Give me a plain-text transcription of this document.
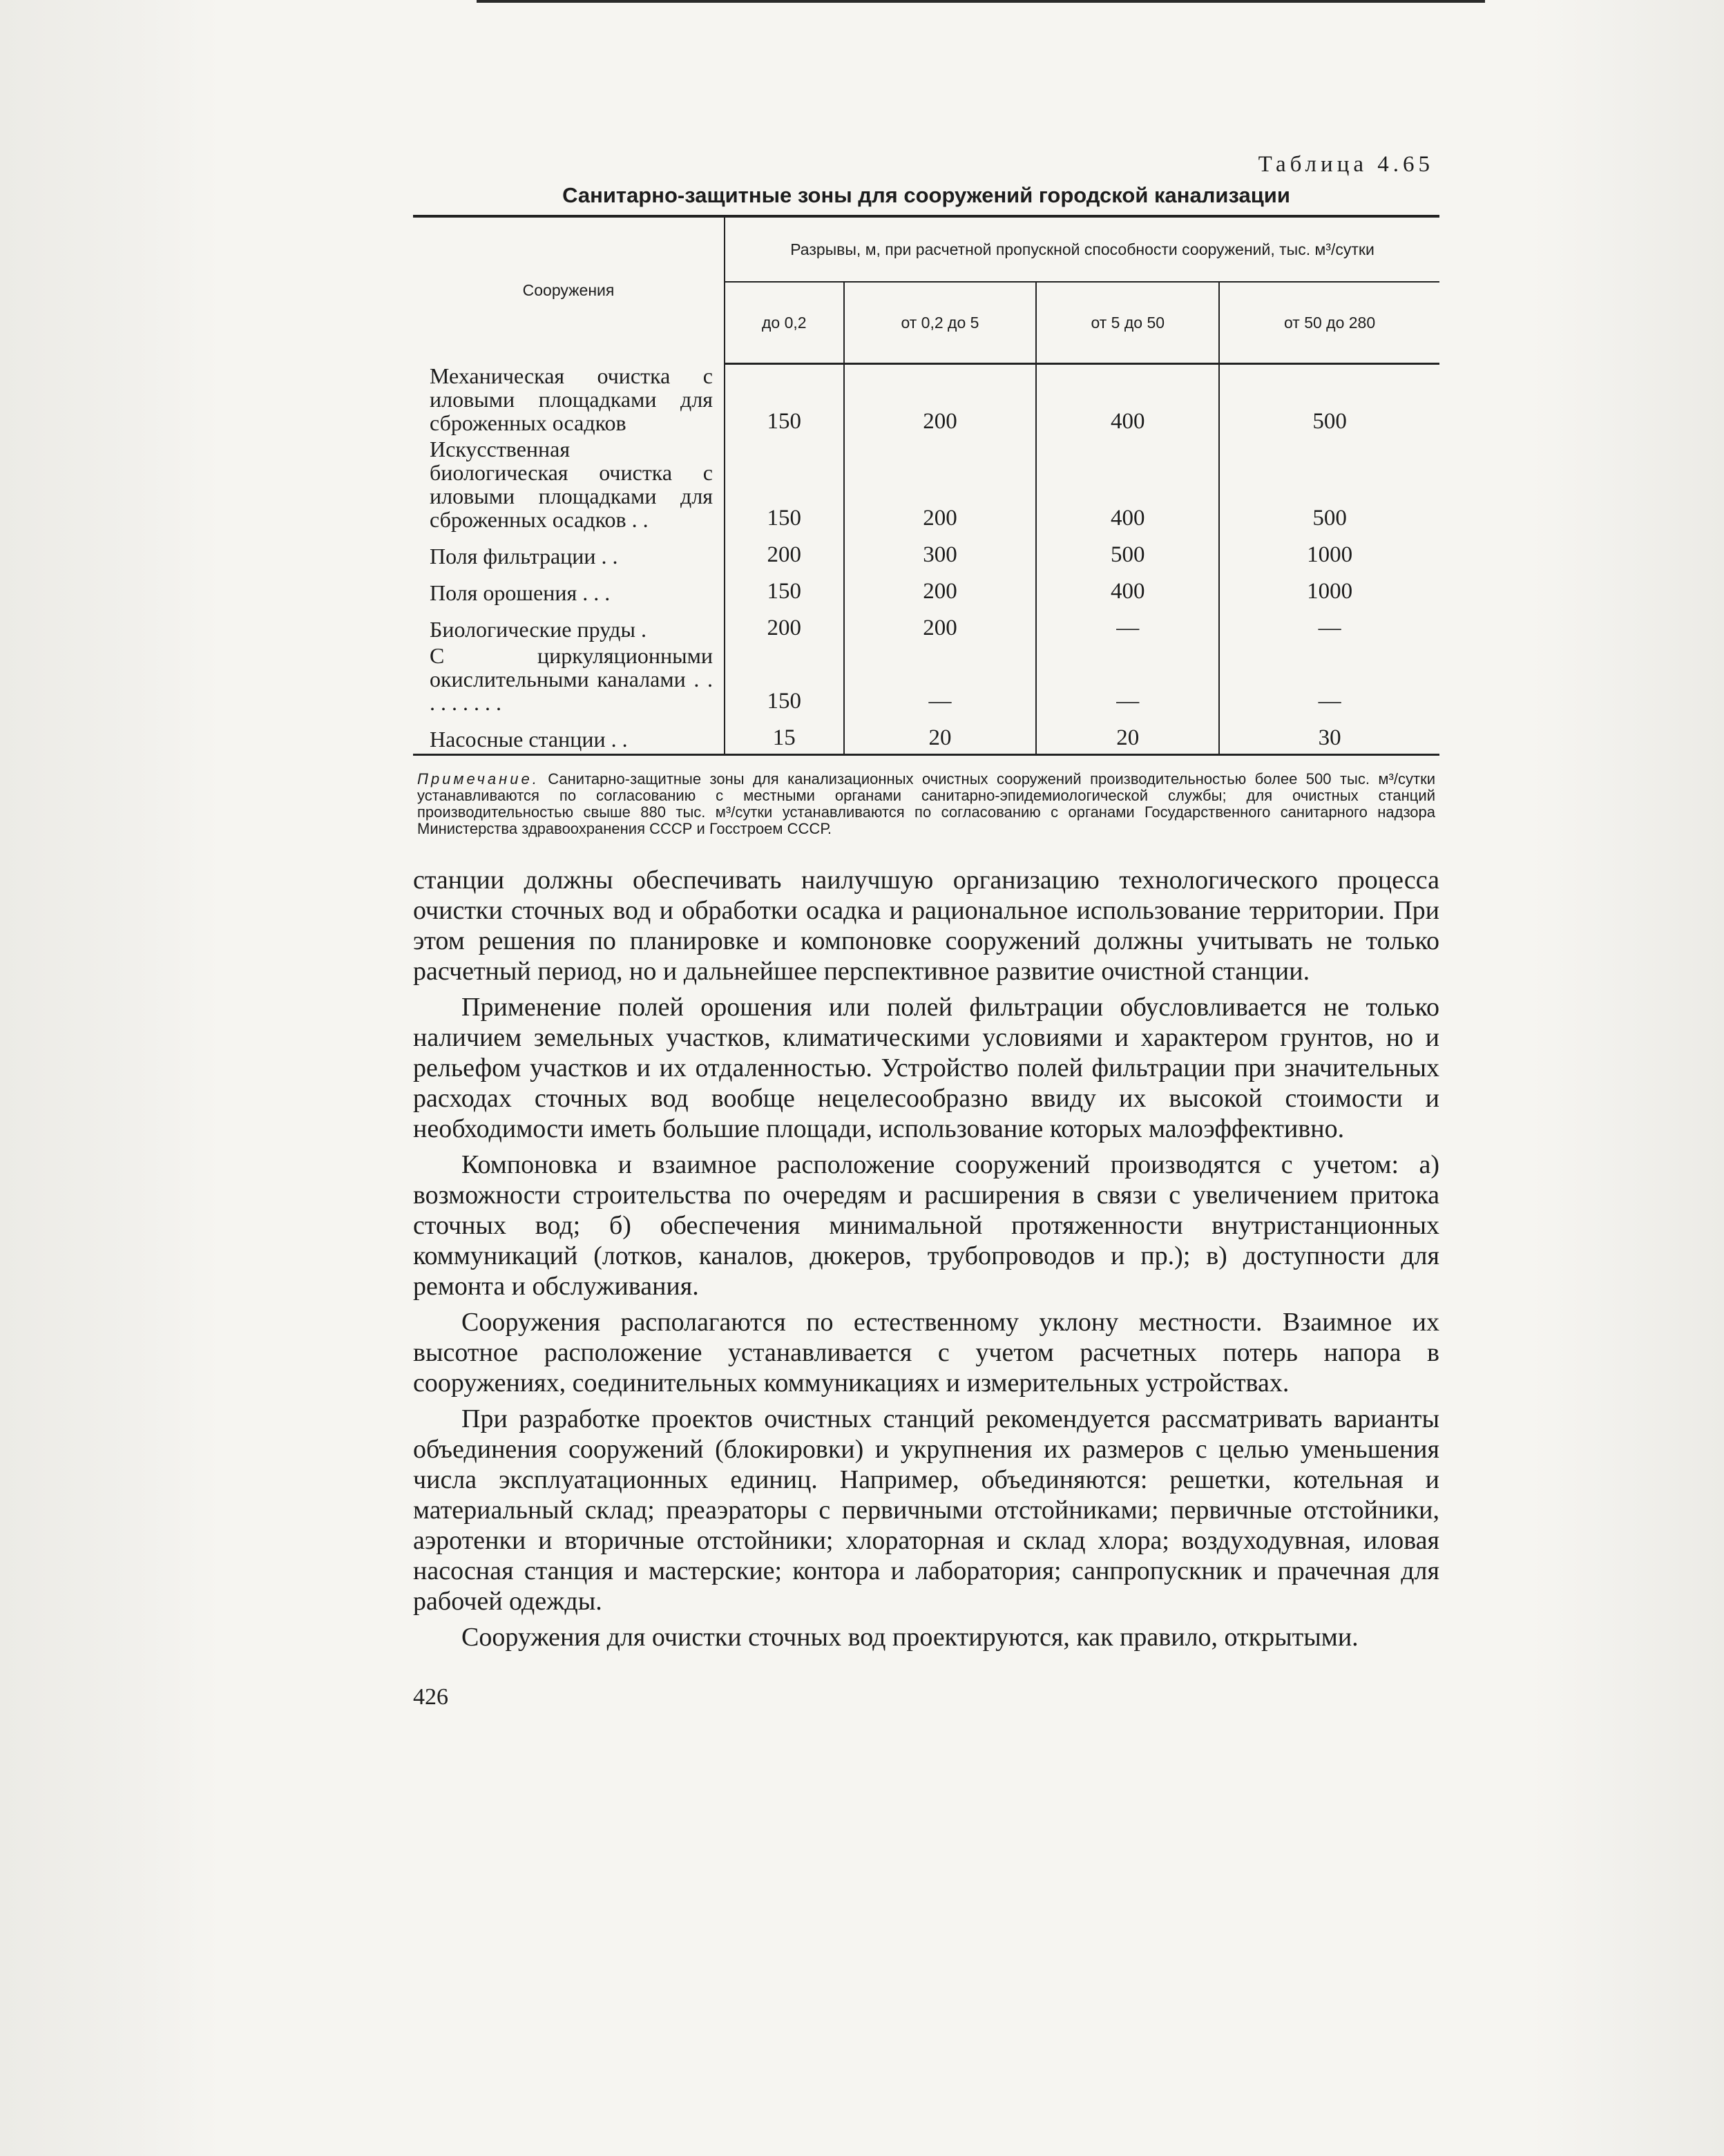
Таблица 4.65
Санитарно-защитные зоны для сооружений городской канализации
Сооружения	Разрывы, м, при расчетной пропускной способности сооружений, тыс. м³/сутки			
	до 0,2	от 0,2 до 5	от 5 до 50	от 50 до 280
Механическая очистка с иловыми площадками для сброженных осадков	150	200	400	500
Искусственная биологическая очистка с иловыми площадками для сброженных осадков . .	150	200	400	500
Поля фильтрации . .	200	300	500	1000
Поля орошения . . .	150	200	400	1000
Биологические пруды .	200	200	—	—
С циркуляционными окислительными каналами . . . . . . . . .	150	—	—	—
Насосные станции . .	15	20	20	30
Примечание. Санитарно-защитные зоны для канализационных очистных сооружений производительностью более 500 тыс. м³/сутки устанавливаются по согласованию с местными органами санитарно-эпидемиологической службы; для очистных станций производительностью свыше 880 тыс. м³/сутки устанавливаются по согласованию с органами Государственного санитарного надзора Министерства здравоохранения СССР и Госстроем СССР.

станции должны обеспечивать наилучшую организацию технологического процесса очистки сточных вод и обработки осадка и рациональное использование территории. При этом решения по планировке и компоновке сооружений должны учитывать не только расчетный период, но и дальнейшее перспективное развитие очистной станции.

Применение полей орошения или полей фильтрации обусловливается не только наличием земельных участков, климатическими условиями и характером грунтов, но и рельефом участков и их отдаленностью. Устройство полей фильтрации при значительных расходах сточных вод вообще нецелесообразно ввиду их высокой стоимости и необходимости иметь большие площади, использование которых малоэффективно.

Компоновка и взаимное расположение сооружений производятся с учетом: а) возможности строительства по очередям и расширения в связи с увеличением притока сточных вод; б) обеспечения минимальной протяженности внутристанционных коммуникаций (лотков, каналов, дюкеров, трубопроводов и пр.); в) доступности для ремонта и обслуживания.

Сооружения располагаются по естественному уклону местности. Взаимное их высотное расположение устанавливается с учетом расчетных потерь напора в сооружениях, соединительных коммуникациях и измерительных устройствах.

При разработке проектов очистных станций рекомендуется рассматривать варианты объединения сооружений (блокировки) и укрупнения их размеров с целью уменьшения числа эксплуатационных единиц. Например, объединяются: решетки, котельная и материальный склад; преаэраторы с первичными отстойниками; первичные отстойники, аэротенки и вторичные отстойники; хлораторная и склад хлора; воздуходувная, иловая насосная станция и мастерские; контора и лаборатория; санпропускник и прачечная для рабочей одежды.

Сооружения для очистки сточных вод проектируются, как правило, открытыми.

426
